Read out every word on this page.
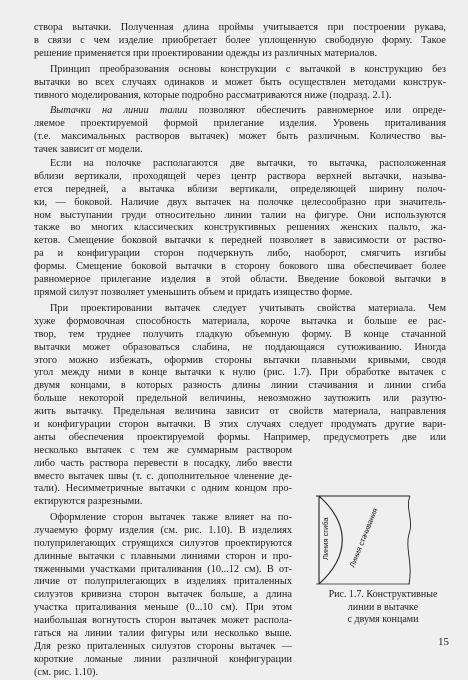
створа вытачки. Полученная длина проймы учитывается при построении рукава,
в связи с чем изделие приобретает более уплощенную свободную форму. Такое
решение применяется при проектировании одежды из различных материалов.
Принцип преобразования основы конструкции с вытачкой в конструкцию без
вытачки во всех случаях одинаков и может быть осуществлен методами конструк-
тивного моделирования, которые подробно рассматриваются ниже (подразд. 2.1).
Вытачки на линии талии позволяют обеспечить равномерное или опреде-
ляемое проектируемой формой прилегание изделия. Уровень приталивания
(т.е. максимальных растворов вытачек) может быть различным. Количество вы-
тачек зависит от модели.
Если на полочке располагаются две вытачки, то вытачка, расположенная
вблизи вертикали, проходящей через центр раствора верхней вытачки, называ-
ется передней, а вытачка вблизи вертикали, определяющей ширину полоч-
ки, — боковой. Наличие двух вытачек на полочке целесообразно при значитель-
ном выступании груди относительно линии талии на фигуре. Они используются
также во многих классических конструктивных решениях женских пальто, жа-
кетов. Смещение боковой вытачки к передней позволяет в зависимости от раство-
ра и конфигурации сторон подчеркнуть либо, наоборот, смягчить изгибы
формы. Смещение боковой вытачки в сторону бокового шва обеспечивает более
равномерное прилегание изделия в этой области. Введение боковой вытачки в
прямой силуэт позволяет уменьшить объем и придать изящество форме.
При проектировании вытачек следует учитывать свойства материала. Чем
хуже формовочная способность материала, короче вытачка и больше ее рас-
твор, тем труднее получить гладкую объемную форму. В конце стачанной
вытачки может образоваться слабина, не поддающаяся сутюживанию. Иногда
этого можно избежать, оформив стороны вытачки плавными кривыми, сводя
угол между ними в конце вытачки к нулю (рис. 1.7). При обработке вытачек с
двумя концами, в которых разность длины линии стачивания и линии сгиба
больше некоторой предельной величины, невозможно заутюжить или разутю-
жить вытачку. Предельная величина зависит от свойств материала, направления
и конфигурации сторон вытачки. В этих случаях следует продумать другие вари-
анты обеспечения проектируемой формы. Например, предусмотреть две или
несколько вытачек с тем же суммарным раствором
либо часть раствора перевести в посадку, либо ввести
вместо вытачек швы (т. с. дополнительное членение де-
тали). Несимметричные вытачки с одним концом про-
ектируются разрезными.
Оформление сторон вытачек также влияет на по-
лучаемую форму изделия (см. рис. 1.10). В изделиях
полуприлегающих струящихся силуэтов проектируются
длинные вытачки с плавными линиями сторон и про-
тяженными участками приталивания (10...12 см). В от-
личие от полуприлегающих в изделиях приталенных
силуэтов кривизна сторон вытачек больше, а длина
участка приталивания меньше (0...10 см). При этом
наибольшая вогнутость сторон вытачек может распола-
гаться на линии талии фигуры или несколько выше.
Для резко приталенных силуэтов стороны вытачек —
короткие ломаные линии различной конфигурации
(см. рис. 1.10).
Линия сгиба Линия стачивания
Рис. 1.7. Конструктивные
линии в вытачке
с двумя концами
15
